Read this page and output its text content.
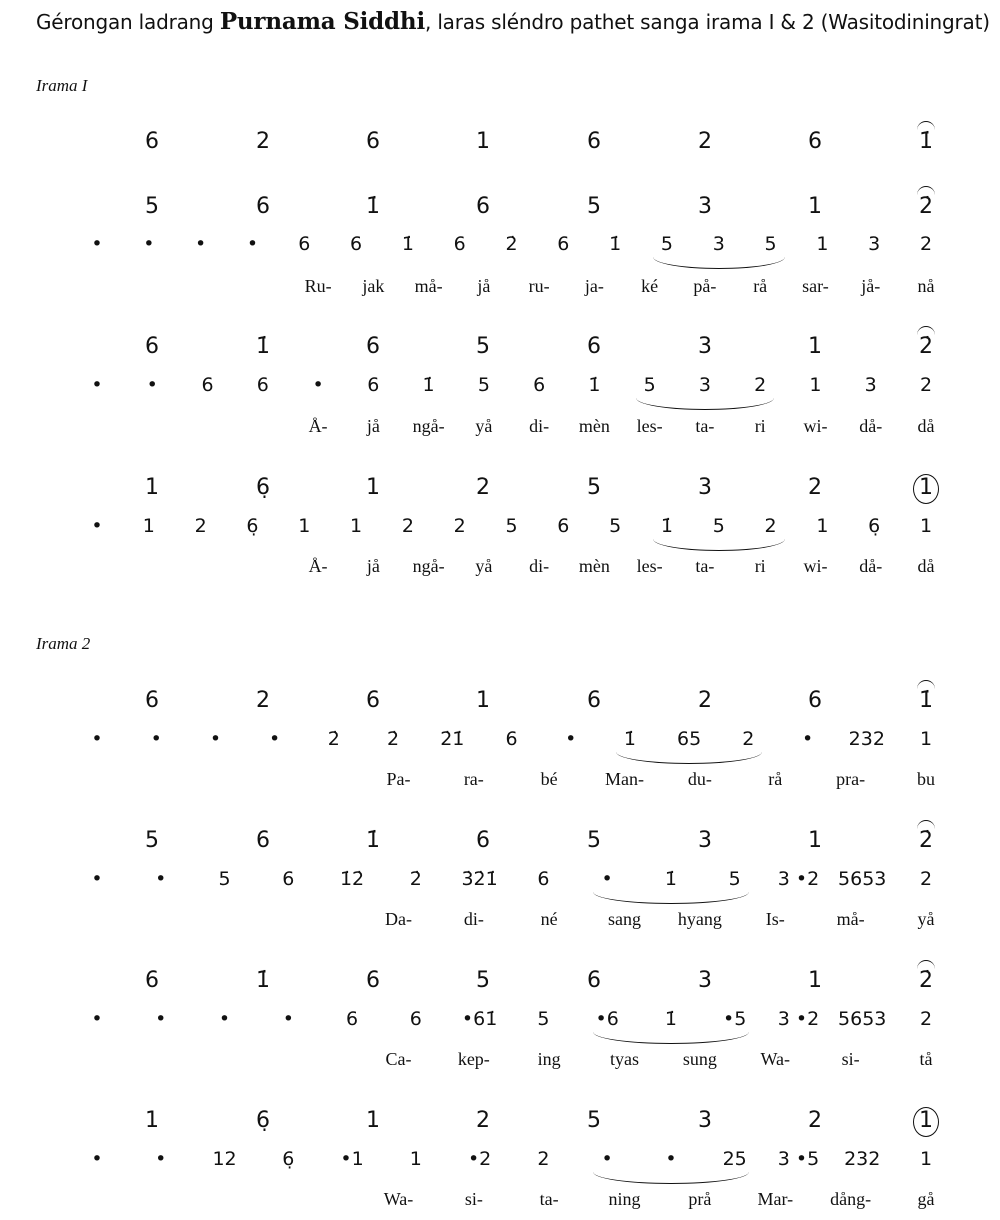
Gérongan ladrang Purnama Siddhi, laras sléndro pathet sanga irama I & 2 (Wasitodiningrat)
Irama I
Irama 2
6	2	6	1	6	2	6	1̇
5	6	1̇	6	5	3	1	2̇
•	•	•	•	6	6	1̇	6	2̇	6	1̇	5	3	5	1	3	2
Ru-	jak	må-	jå	ru-	ja-	ké	på-	rå	sar-	jå-	nå
6	1̇	6	5	6	3	1	2̇
•	•	6	6	•	6	1̇	5	6	1̇	5	3	2	1	3	2
Å-	jå	ngå-	yå	di-	mèn	les-	ta-	ri	wi-	då-	då
1	6̣	1	2	5	3	2	1
•	1	2	6̣	1	1	2	2	5	6	5	1̇	5	2	1	6̣	1
Å-	jå	ngå-	yå	di-	mèn	les-	ta-	ri	wi-	då-	då
6	2	6	1	6	2	6	1̇
•	•	•	•	2̇	2̇	2̇1̇	6	•	1̇	65	2	•	232	1
Pa-	ra-	bé	Man-	du-	rå	pra-	bu
5	6	1̇	6	5	3	1	2̇
•	•	5	6	1̇2̇	2̇	3̇2̇1̇	6	•	1̇	5	3 •2 5653	2
Da-	di-	né	sang	hyang	Is-	må-	yå
6	1̇	6	5	6	3	1	2̇
•	•	•	•	6	6	•61̇	5	•6	1̇	•5	3 •2 5653	2
Ca-	kep-	ing	tyas	sung	Wa-	si-	tå
1	6̣	1	2	5	3	2	1
•	•	12	6̣	•1	1	•2	2	•	•	25	3 •5	232	1
Wa-	si-	ta-	ning	prå	Mar-	dång-	gå
